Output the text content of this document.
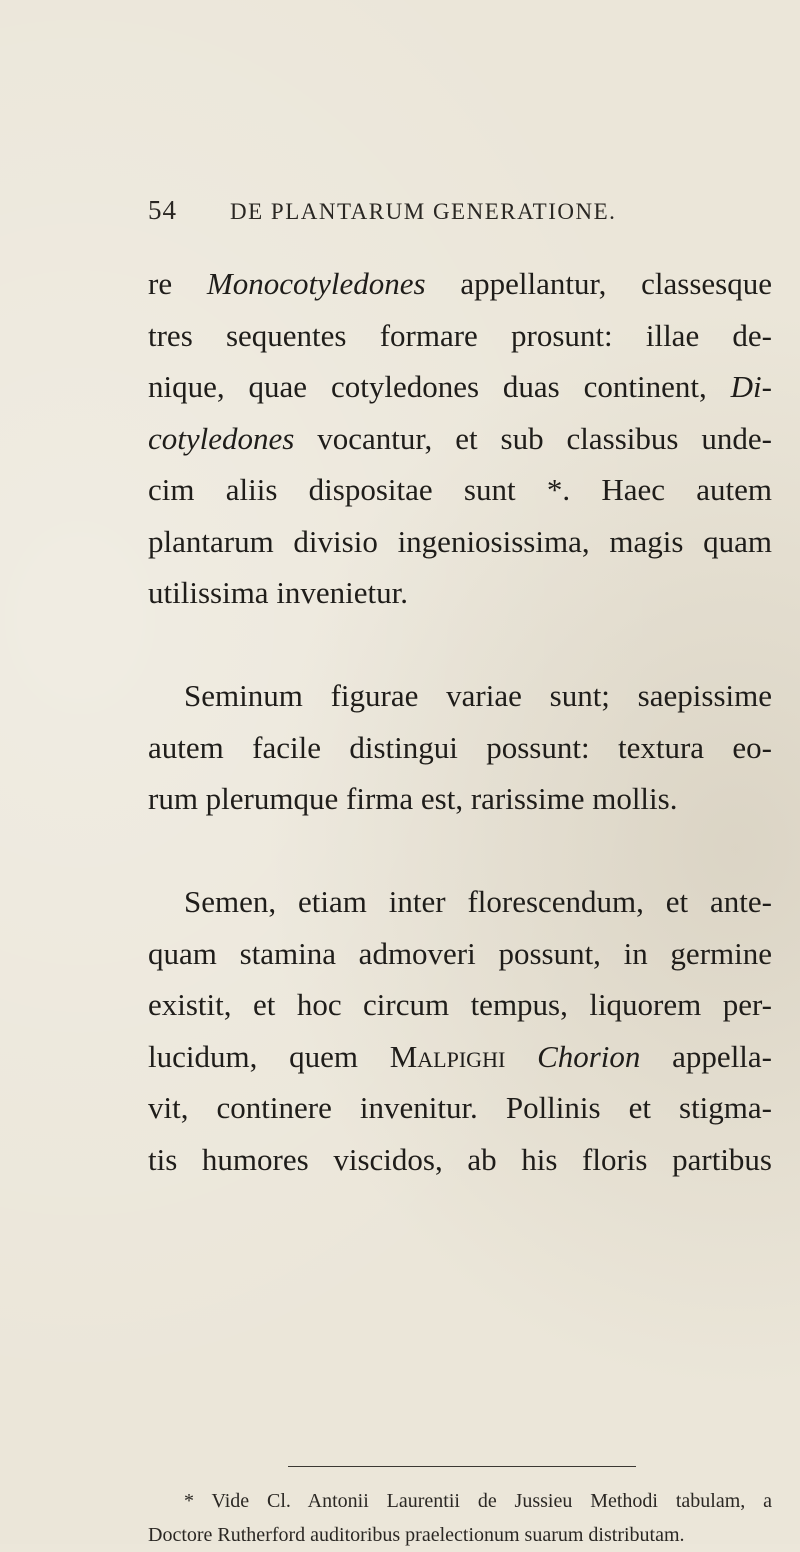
54 DE PLANTARUM GENERATIONE.
re Monocotyledones appellantur, classesque
tres sequentes formare prosunt: illae de-
nique, quae cotyledones duas continent, Di-
cotyledones vocantur, et sub classibus unde-
cim aliis dispositae sunt *. Haec autem
plantarum divisio ingeniosissima, magis quam
utilissima invenietur.
Seminum figurae variae sunt; saepissime
autem facile distingui possunt: textura eo-
rum plerumque firma est, rarissime mollis.
Semen, etiam inter florescendum, et ante-
quam stamina admoveri possunt, in germine
existit, et hoc circum tempus, liquorem per-
lucidum, quem Malpighi Chorion appella-
vit, continere invenitur. Pollinis et stigma-
tis humores viscidos, ab his floris partibus
* Vide Cl. Antonii Laurentii de Jussieu Methodi tabulam, a
Doctore Rutherford auditoribus praelectionum suarum distributam.
